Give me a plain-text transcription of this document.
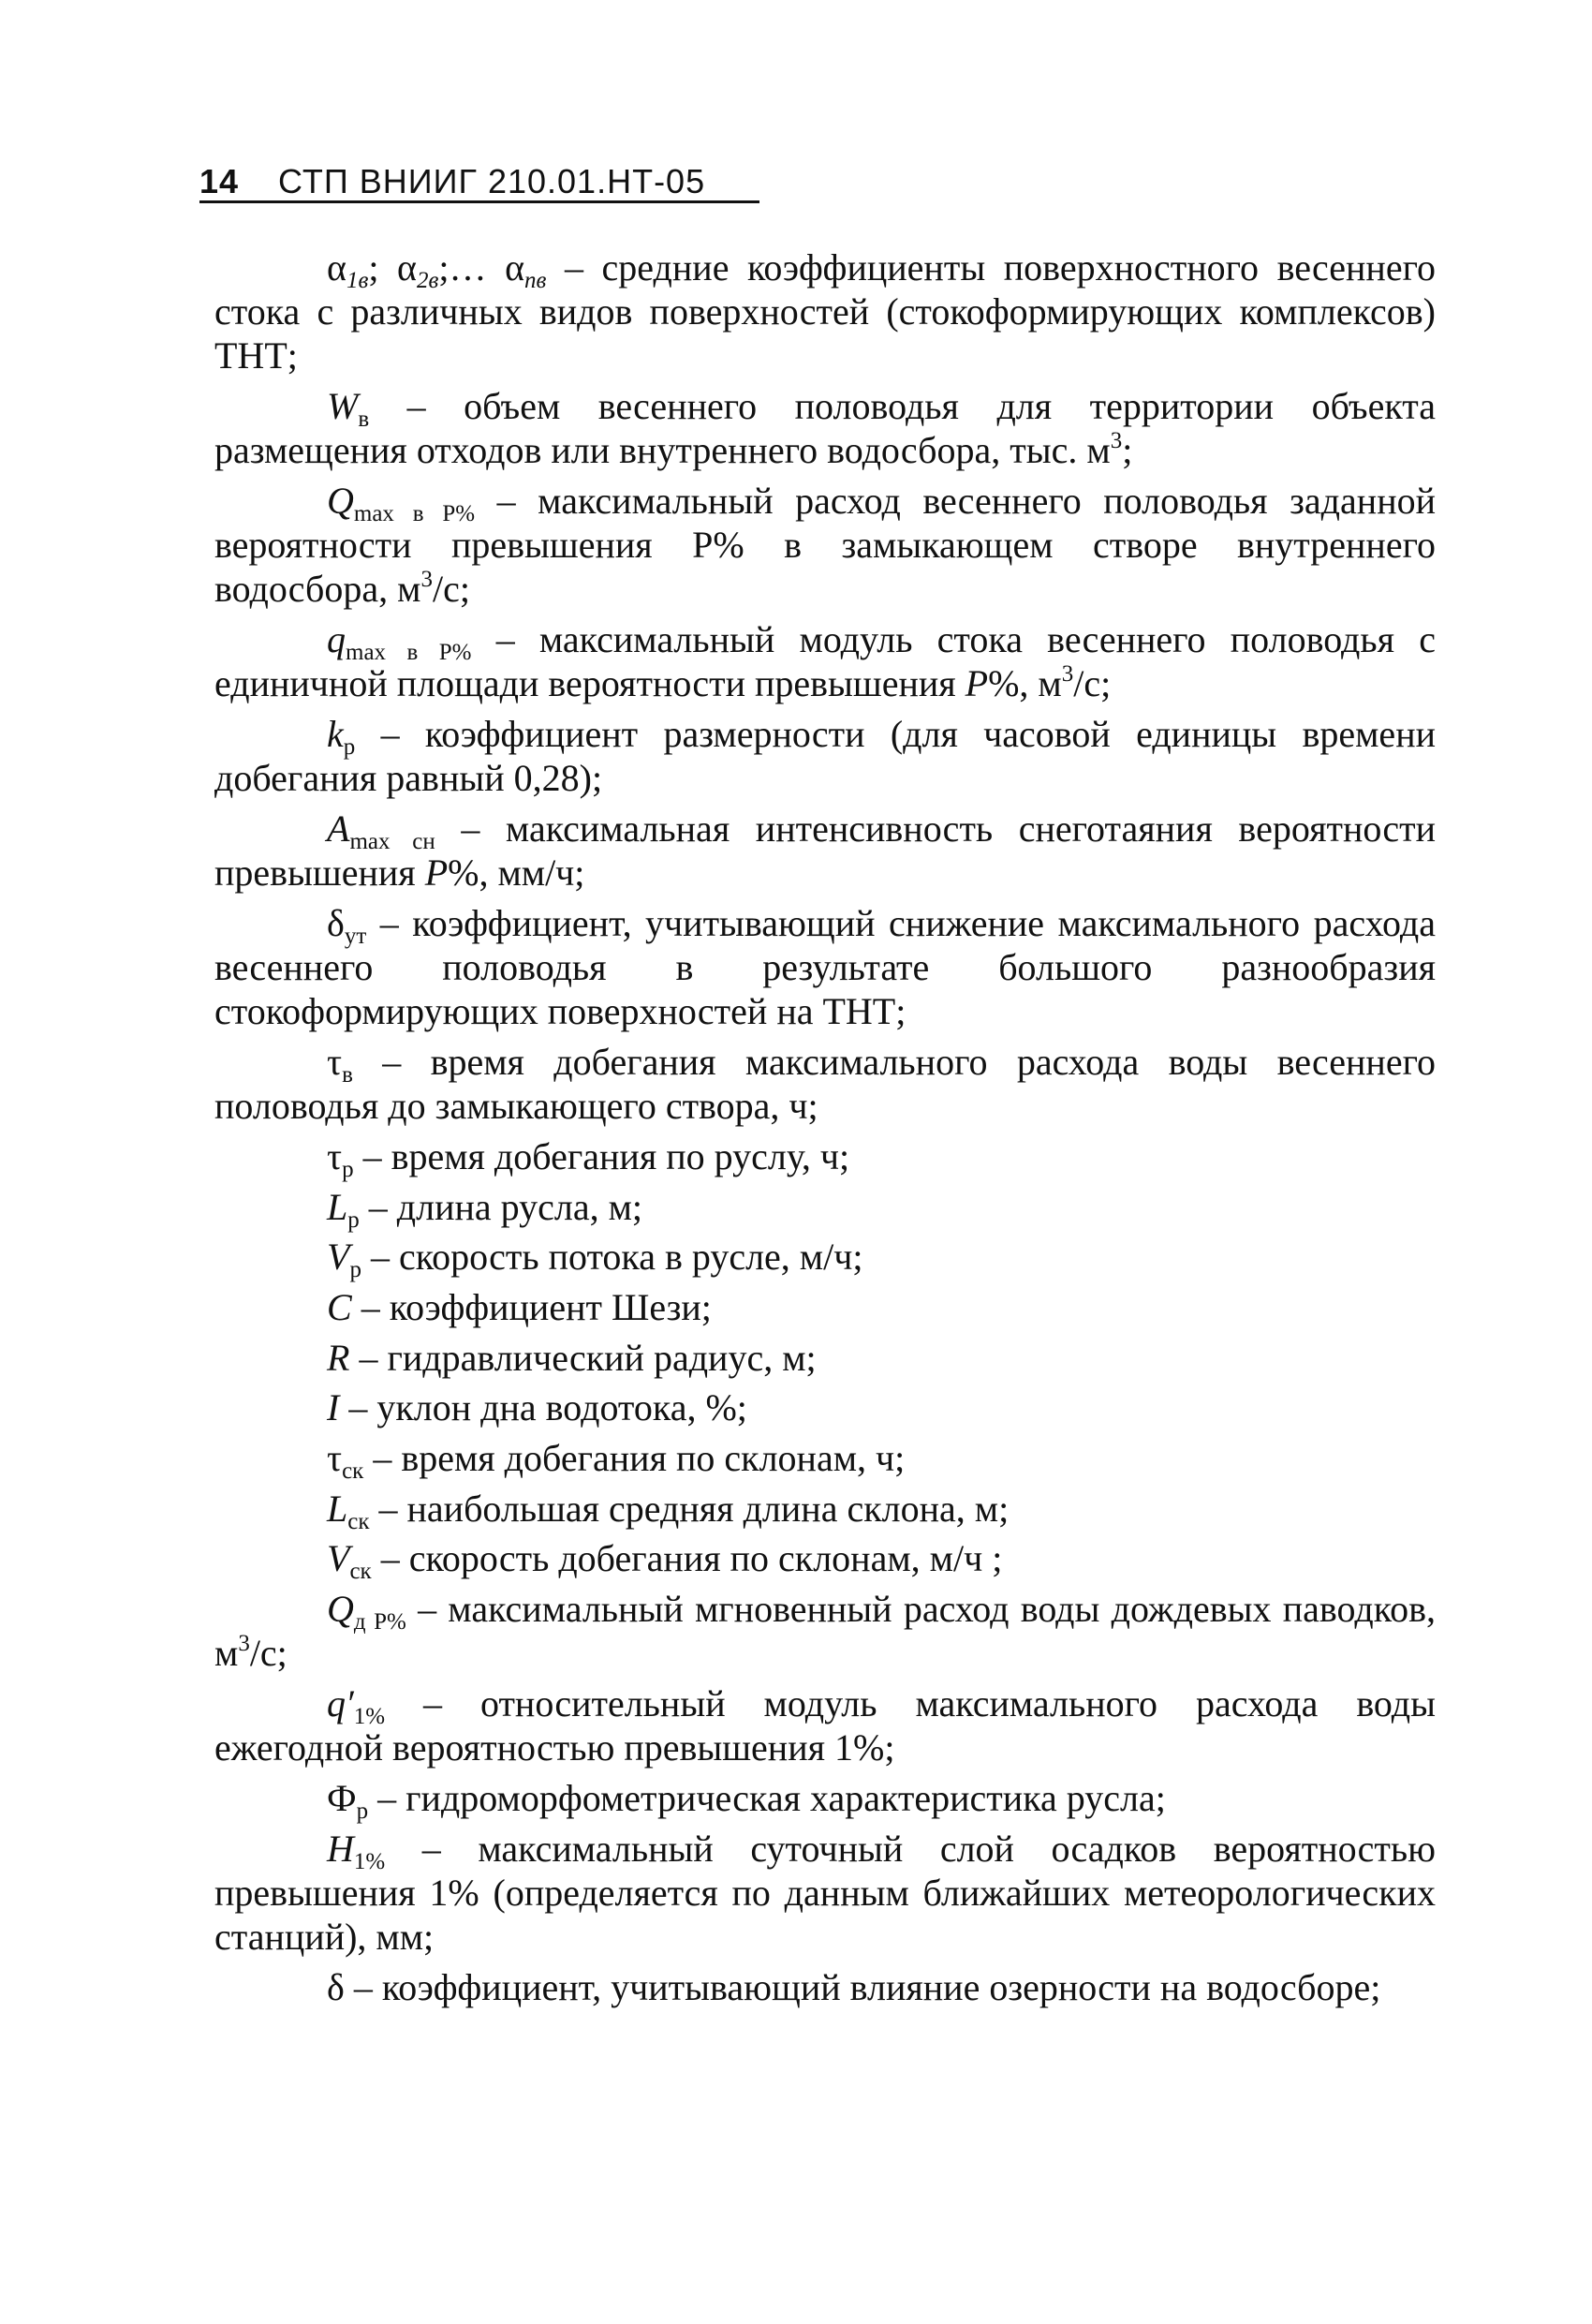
14 СТП ВНИИГ 210.01.НТ-05

$\alpha_{1в}$; $\alpha_{2в};\dots$ $\alpha_{nв}$ – средние коэффициенты поверхностного весеннего стока с различных видов поверхностей (стокоформирующих комплексов) ТНТ;

$W_в$ – объем весеннего половодья для территории объекта размещения отходов или внутреннего водосбора, тыс. $м^3$;

$Q_{max в P\%}$ – максимальный расход весеннего половодья заданной вероятности превышения Р% в замыкающем створе внутреннего водосбора, $м^3/с$;

$q_{max в P\%}$ – максимальный модуль стока весеннего половодья с единичной площади вероятности превышения P%, $м^3/с$;

$k_р$ – коэффициент размерности (для часовой единицы времени добегания равный 0,28);

$A_{max сн}$ – максимальная интенсивность снеготаяния вероятности превышения P%, мм/ч;

$\delta_{ут}$ – коэффициент, учитывающий снижение максимального расхода весеннего половодья в результате большого разнообразия стокоформирующих поверхностей на ТНТ;

$\tau_в$ – время добегания максимального расхода воды весеннего половодья до замыкающего створа, ч;

$\tau_р$ – время добегания по руслу, ч;

$L_р$ – длина русла, м;

$V_р$ – скорость потока в русле, м/ч;

C – коэффициент Шези;

R – гидравлический радиус, м;

I – уклон дна водотока, %;

$\tau_{ск}$ – время добегания по склонам, ч;

$L_{ск}$ – наибольшая средняя длина склона, м;

$V_{ск}$ – скорость добегания по склонам, м/ч ;

$Q_{д P\%}$ – максимальный мгновенный расход воды дождевых паводков, $м^3/с$;

$q'_{1\%}$ – относительный модуль максимального расхода воды ежегодной вероятностью превышения 1%;

$Ф_р$ – гидроморфометрическая характеристика русла;

$H_{1\%}$ – максимальный суточный слой осадков вероятностью превышения 1% (определяется по данным ближайших метеорологических станций), мм;

δ – коэффициент, учитывающий влияние озерности на водосборе;
